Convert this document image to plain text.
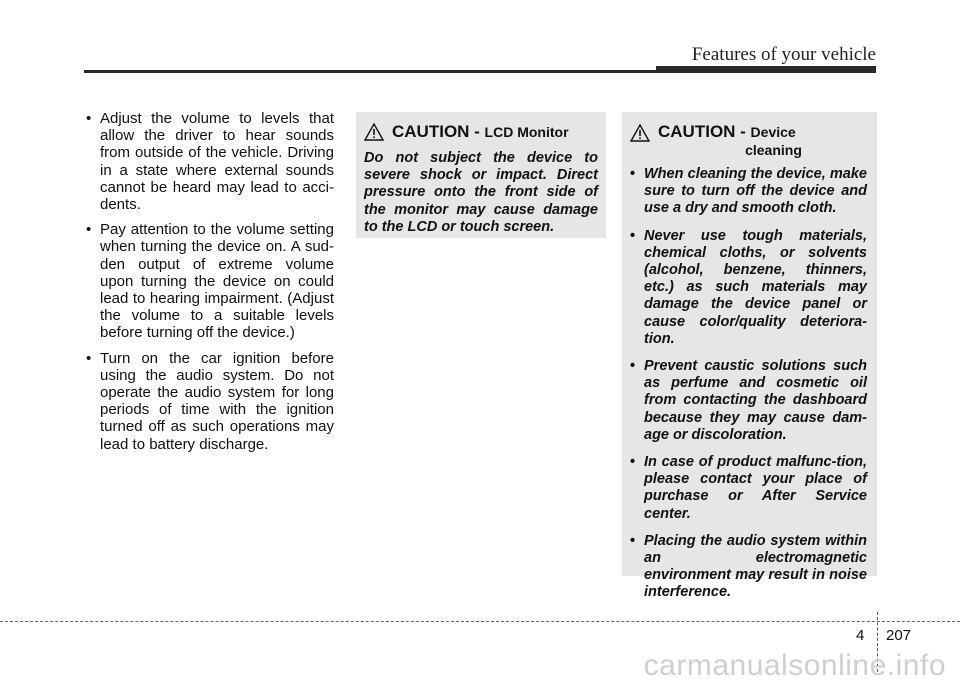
Features of your vehicle
• Adjust the volume to levels that allow the driver to hear sounds from outside of the vehicle. Driving in a state where external sounds cannot be heard may lead to acci-dents.
• Pay attention to the volume setting when turning the device on. A sud-den output of extreme volume upon turning the device on could lead to hearing impairment. (Adjust the volume to a suitable levels before turning off the device.)
• Turn on the car ignition before using the audio system. Do not operate the audio system for long periods of time with the ignition turned off as such operations may lead to battery discharge.
CAUTION - LCD Monitor
Do not subject the device to severe shock or impact. Direct pressure onto the front side of the monitor may cause damage to the LCD or touch screen.
CAUTION - Device
cleaning
• When cleaning the device, make sure to turn off the device and use a dry and smooth cloth.
• Never use tough materials, chemical cloths, or solvents (alcohol, benzene, thinners, etc.) as such materials may damage the device panel or cause color/quality deteriora-tion.
• Prevent caustic solutions such as perfume and cosmetic oil from contacting the dashboard because they may cause dam-age or discoloration.
• In case of product malfunc-tion, please contact your place of purchase or After Service center.
• Placing the audio system within an electromagnetic environment may result in noise interference.
4 207
carmanualsonline.info
